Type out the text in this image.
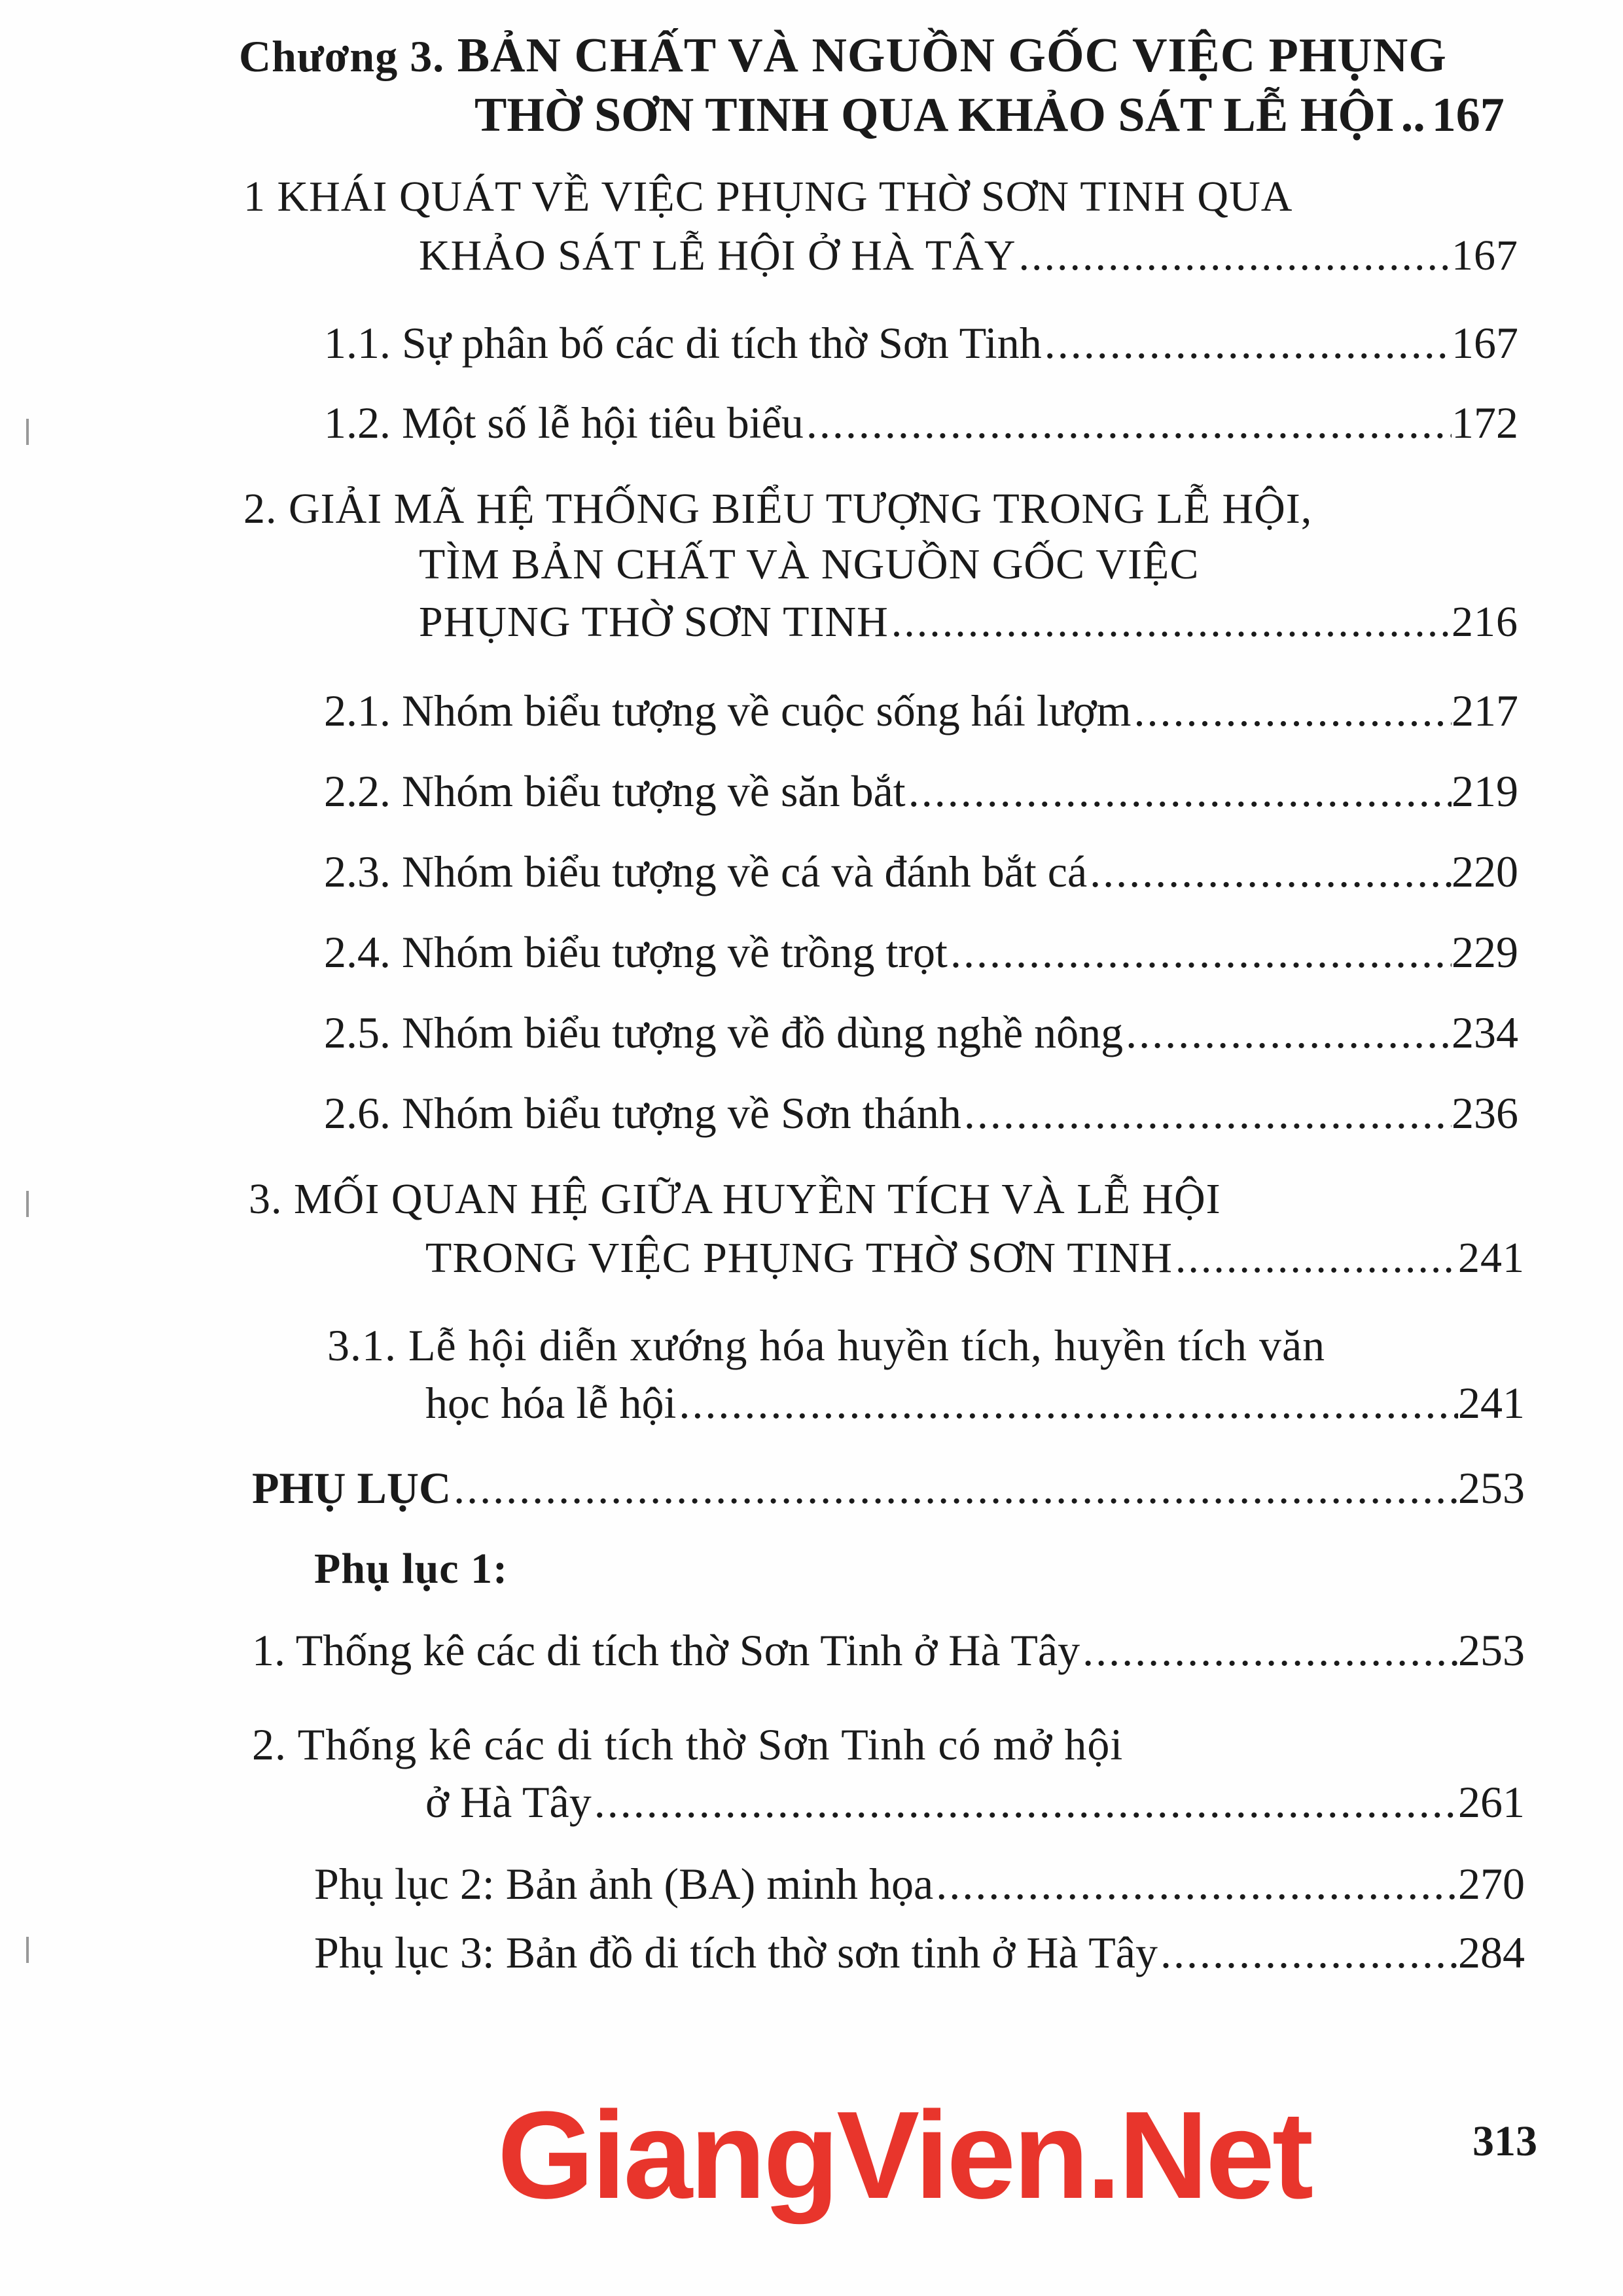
Chương 3. BẢN CHẤT VÀ NGUỒN GỐC VIỆC PHỤNG
THỜ SƠN TINH QUA KHẢO SÁT LỄ HỘI .. 167
1 KHÁI QUÁT VỀ VIỆC PHỤNG THỜ SƠN TINH QUA
KHẢO SÁT LỄ HỘI Ở HÀ TÂY .....	167
1.1. Sự phân bố các di tích thờ Sơn Tinh .....	167
1.2. Một số lễ hội tiêu biểu .....	172
2. GIẢI MÃ HỆ THỐNG BIỂU TƯỢNG TRONG LỄ HỘI,
TÌM BẢN CHẤT VÀ NGUỒN GỐC VIỆC
PHỤNG THỜ SƠN TINH .....	216
2.1. Nhóm biểu tượng về cuộc sống hái lượm .....	217
2.2. Nhóm biểu tượng về săn bắt .....	219
2.3. Nhóm biểu tượng về cá và đánh bắt cá .....	220
2.4. Nhóm biểu tượng về trồng trọt .....	229
2.5. Nhóm biểu tượng về đồ dùng nghề nông .....	234
2.6. Nhóm biểu tượng về Sơn thánh .....	236
3. MỐI QUAN HỆ GIỮA HUYỀN TÍCH VÀ LỄ HỘI
TRONG VIỆC PHỤNG THỜ SƠN TINH .....	241
3.1. Lễ hội diễn xướng hóa huyền tích, huyền tích văn
học hóa lễ hội .....	241
PHỤ LỤC .....	253
Phụ lục 1:
1. Thống kê các di tích thờ Sơn Tinh ở Hà Tây .....	253
2. Thống kê các di tích thờ Sơn Tinh có mở hội
ở Hà Tây .....	261
Phụ lục 2: Bản ảnh (BA) minh họa .....	270
Phụ lục 3: Bản đồ di tích thờ sơn tinh ở Hà Tây .....	284
GiangVien.Net	313
